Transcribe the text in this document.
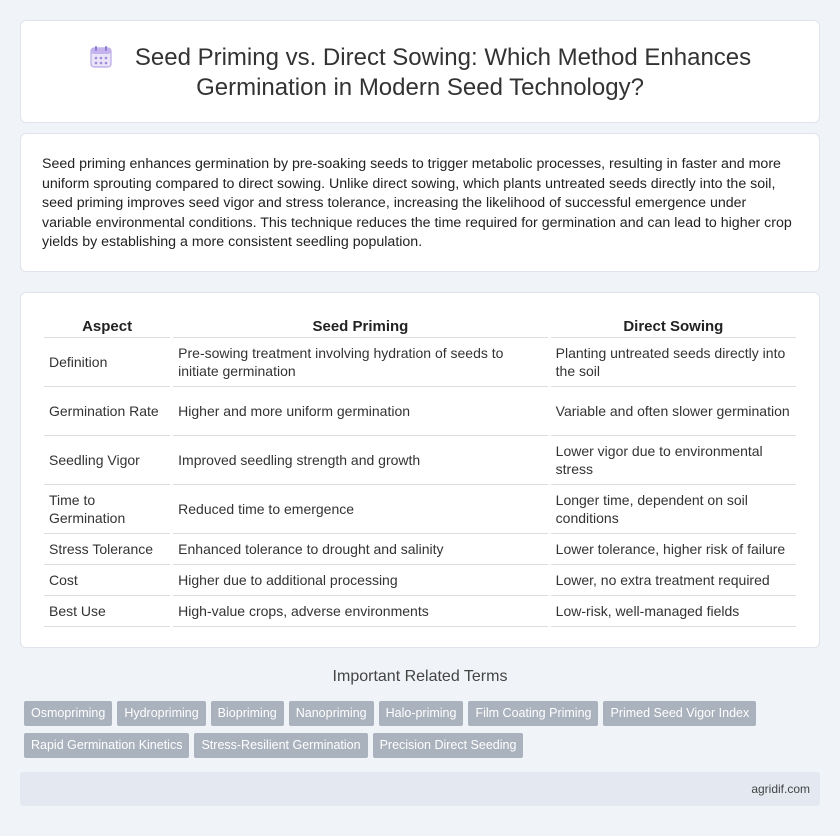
Seed Priming vs. Direct Sowing: Which Method Enhances
Germination in Modern Seed Technology?

Seed priming enhances germination by pre-soaking seeds to trigger metabolic processes, resulting in faster and more uniform sprouting compared to direct sowing. Unlike direct sowing, which plants untreated seeds directly into the soil, seed priming improves seed vigor and stress tolerance, increasing the likelihood of successful emergence under variable environmental conditions. This technique reduces the time required for germination and can lead to higher crop yields by establishing a more consistent seedling population.

Aspect	Seed Priming	Direct Sowing
Definition	Pre-sowing treatment involving hydration of seeds to initiate germination	Planting untreated seeds directly into the soil
Germination Rate	Higher and more uniform germination	Variable and often slower germination
Seedling Vigor	Improved seedling strength and growth	Lower vigor due to environmental stress
Time to Germination	Reduced time to emergence	Longer time, dependent on soil conditions
Stress Tolerance	Enhanced tolerance to drought and salinity	Lower tolerance, higher risk of failure
Cost	Higher due to additional processing	Lower, no extra treatment required
Best Use	High-value crops, adverse environments	Low-risk, well-managed fields
Important Related Terms
Osmopriming Hydropriming Biopriming Nanopriming Halo-priming Film Coating Priming Primed Seed Vigor Index
Rapid Germination Kinetics Stress-Resilient Germination Precision Direct Seeding
agridif.com
